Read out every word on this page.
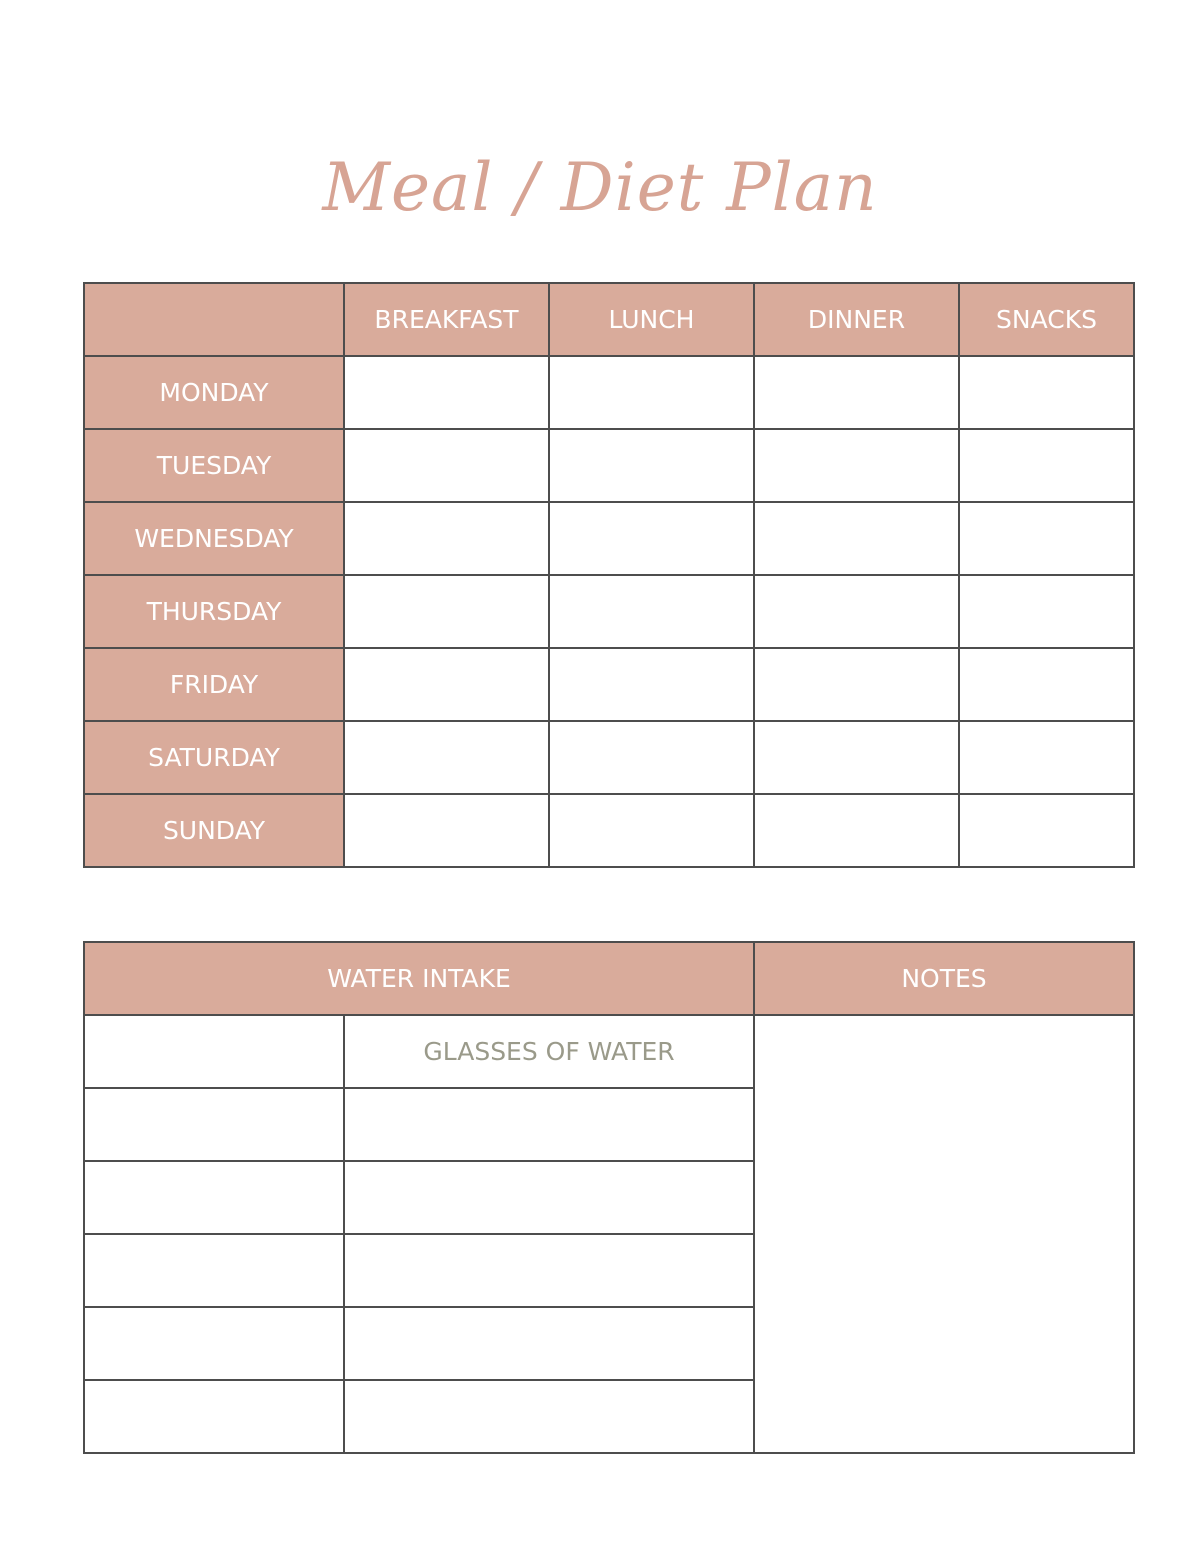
Meal / Diet Plan
	BREAKFAST	LUNCH	DINNER	SNACKS
MONDAY				
TUESDAY				
WEDNESDAY				
THURSDAY				
FRIDAY				
SATURDAY				
SUNDAY				
WATER INTAKE		NOTES
	GLASSES OF WATER	
